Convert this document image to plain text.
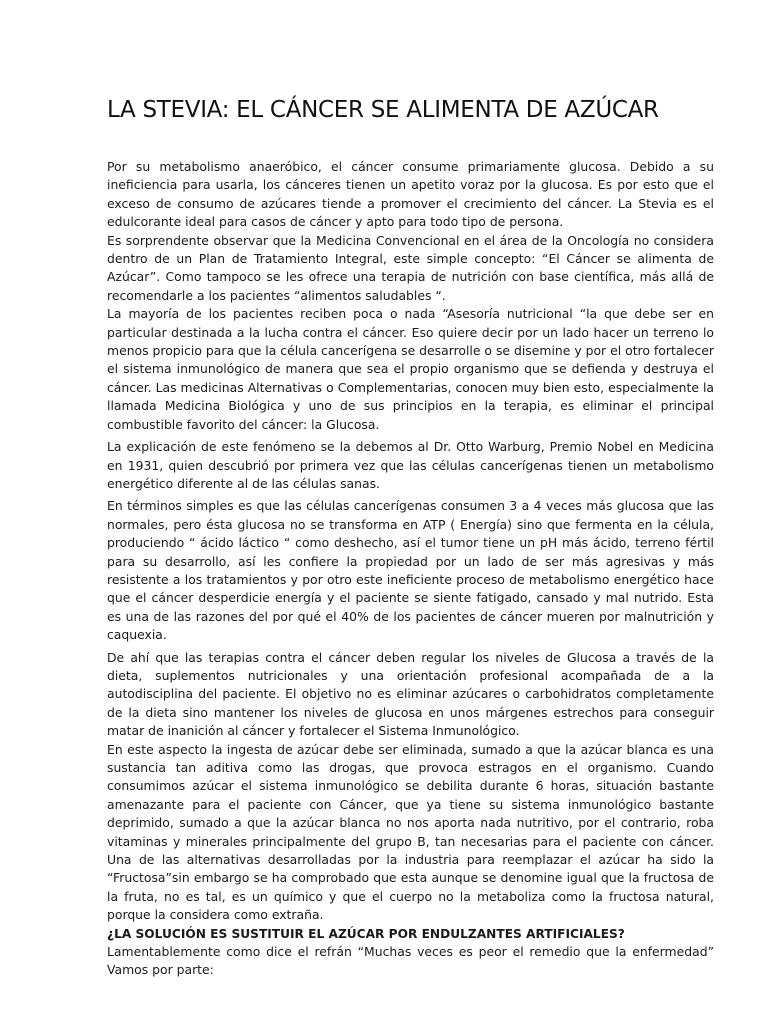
LA STEVIA: EL CÁNCER SE ALIMENTA DE AZÚCAR

Por su metabolismo anaeróbico, el cáncer consume primariamente glucosa. Debido a su ineficiencia para usarla, los cánceres tienen un apetito voraz por la glucosa. Es por esto que el exceso de consumo de azúcares tiende a promover el crecimiento del cáncer. La Stevia es el edulcorante ideal para casos de cáncer y apto para todo tipo de persona.

Es sorprendente observar que la Medicina Convencional en el área de la Oncología no considera dentro de un Plan de Tratamiento Integral, este simple concepto: “El Cáncer se alimenta de Azúcar”. Como tampoco se les ofrece una terapia de nutrición con base científica, más allá de recomendarle a los pacientes “alimentos saludables “.

La mayoría de los pacientes reciben poca o nada “Asesoría nutricional “la que debe ser en particular destinada a la lucha contra el cáncer. Eso quiere decir por un lado hacer un terreno lo menos propicio para que la célula cancerígena se desarrolle o se disemine y por el otro fortalecer el sistema inmunológico de manera que sea el propio organismo que se defienda y destruya el cáncer. Las medicinas Alternativas o Complementarias, conocen muy bien esto, especialmente la llamada Medicina Biológica y uno de sus principios en la terapia, es eliminar el principal combustible favorito del cáncer: la Glucosa.

La explicación de este fenómeno se la debemos al Dr. Otto Warburg, Premio Nobel en Medicina en 1931, quien descubrió por primera vez que las células cancerígenas tienen un metabolismo energético diferente al de las células sanas.

En términos simples es que las células cancerígenas consumen 3 a 4 veces más glucosa que las normales, pero ésta glucosa no se transforma en ATP ( Energía) sino que fermenta en la célula, produciendo “ ácido láctico “ como deshecho, así el tumor tiene un pH más ácido, terreno fértil para su desarrollo, así les confiere la propiedad por un lado de ser más agresivas y más resistente a los tratamientos y por otro este ineficiente proceso de metabolismo energético hace que el cáncer desperdicie energía y el paciente se siente fatigado, cansado y mal nutrido. Esta es una de las razones del por qué el 40% de los pacientes de cáncer mueren por malnutrición y caquexia.

De ahí que las terapias contra el cáncer deben regular los niveles de Glucosa a través de la dieta, suplementos nutricionales y una orientación profesional acompañada de a la autodisciplina del paciente. El objetivo no es eliminar azúcares o carbohidratos completamente de la dieta sino mantener los niveles de glucosa en unos márgenes estrechos para conseguir matar de inanición al cáncer y fortalecer el Sistema Inmunológico.

En este aspecto la ingesta de azúcar debe ser eliminada, sumado a que la azúcar blanca es una sustancia tan aditiva como las drogas, que provoca estragos en el organismo. Cuando consumimos azúcar el sistema inmunológico se debilita durante 6 horas, situación bastante amenazante para el paciente con Cáncer, que ya tiene su sistema inmunológico bastante deprimido, sumado a que la azúcar blanca no nos aporta nada nutritivo, por el contrario, roba vitaminas y minerales principalmente del grupo B, tan necesarias para el paciente con cáncer. Una de las alternativas desarrolladas por la industria para reemplazar el azúcar ha sido la “Fructosa”sin embargo se ha comprobado que esta aunque se denomine igual que la fructosa de la fruta, no es tal, es un químico y que el cuerpo no la metaboliza como la fructosa natural, porque la considera como extraña.

¿LA SOLUCIÓN ES SUSTITUIR EL AZÚCAR POR ENDULZANTES ARTIFICIALES?

Lamentablemente como dice el refrán “Muchas veces es peor el remedio que la enfermedad” Vamos por parte:
